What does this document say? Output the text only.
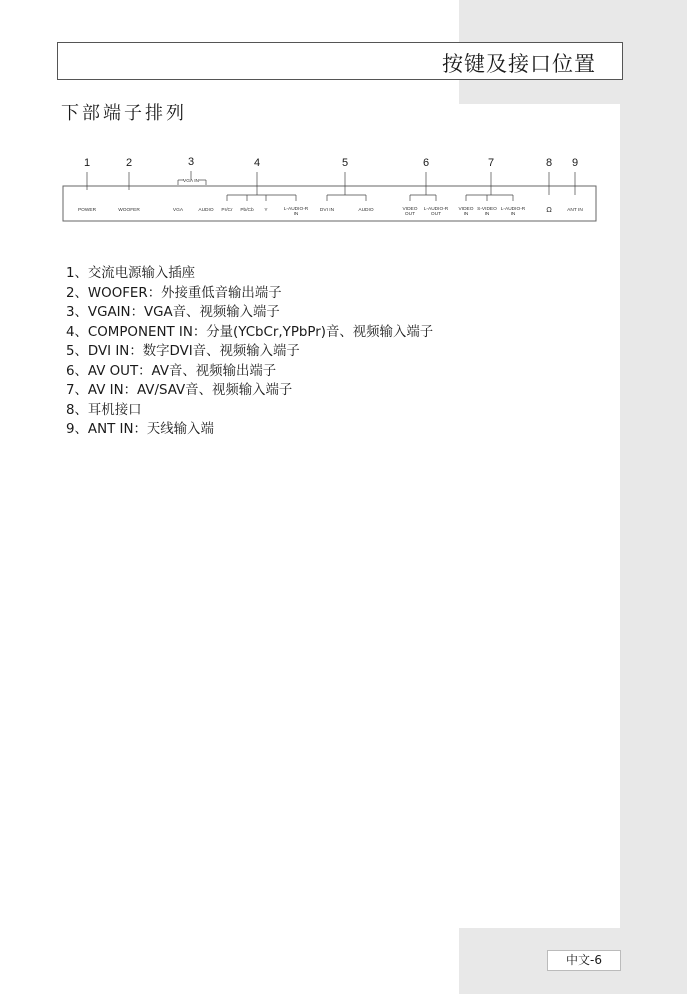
按键及接口位置
下部端子排列
1	2	3	4	5	6	7	8 9
VGA IN
POWER	WOOFER	VGA	AUDIO Pr/Cr Pb/Cb Y	L-AUDIO-R
IN
DVI IN	AUDIO	VIDEO
OUT
L-AUDIO-R
OUT
VIDEO
IN
S-VIDEO
IN
L-AUDIO-R
IN
ANT IN
Ω
1、交流电源输入插座
2、WOOFER：外接重低音输出端子
3、VGAIN：VGA音、视频输入端子
4、COMPONENT IN：分量(YCbCr,YPbPr)音、视频输入端子
5、DVI IN：数字DVI音、视频输入端子
6、AV OUT：AV音、视频输出端子
7、AV IN：AV/SAV音、视频输入端子
8、耳机接口
9、ANT IN：天线输入端
中文-6
